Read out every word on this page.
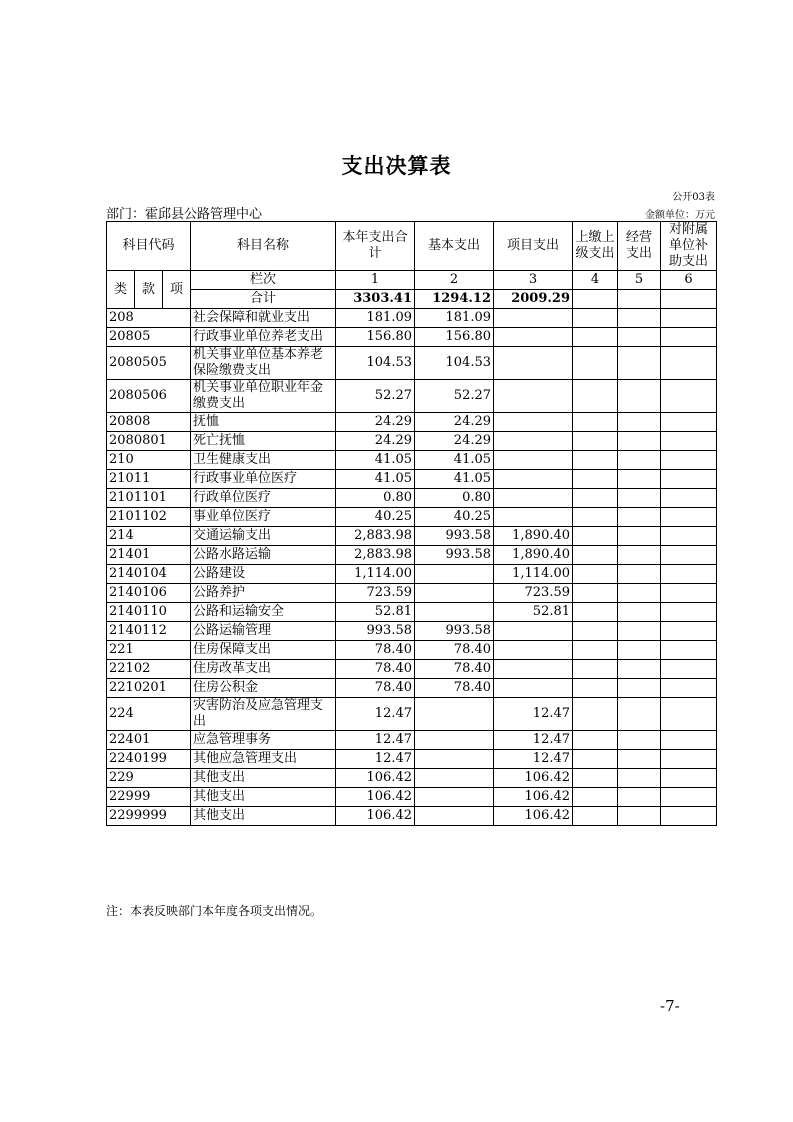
支出决算表
公开03表
部门：霍邱县公路管理中心	金额单位：万元
科目代码			科目名称	本年支出合计	基本支出	项目支出	上缴上级支出	经营支出	对附属单位补助支出
类	款	项	栏次	1	2	3	4	5	6
			合计	3303.41	1294.12	2009.29			
208			社会保障和就业支出	181.09	181.09				
20805			行政事业单位养老支出	156.80	156.80				
2080505			机关事业单位基本养老保险缴费支出	104.53	104.53				
2080506			机关事业单位职业年金缴费支出	52.27	52.27				
20808			抚恤	24.29	24.29				
2080801			死亡抚恤	24.29	24.29				
210			卫生健康支出	41.05	41.05				
21011			行政事业单位医疗	41.05	41.05				
2101101			行政单位医疗	0.80	0.80				
2101102			事业单位医疗	40.25	40.25				
214			交通运输支出	2,883.98	993.58	1,890.40			
21401			公路水路运输	2,883.98	993.58	1,890.40			
2140104			公路建设	1,114.00		1,114.00			
2140106			公路养护	723.59		723.59			
2140110			公路和运输安全	52.81		52.81			
2140112			公路运输管理	993.58	993.58				
221			住房保障支出	78.40	78.40				
22102			住房改革支出	78.40	78.40				
2210201			住房公积金	78.40	78.40				
224			灾害防治及应急管理支出	12.47		12.47			
22401			应急管理事务	12.47		12.47			
2240199			其他应急管理支出	12.47		12.47			
229			其他支出	106.42		106.42			
22999			其他支出	106.42		106.42			
2299999			其他支出	106.42		106.42			
注：本表反映部门本年度各项支出情况。
-7-
